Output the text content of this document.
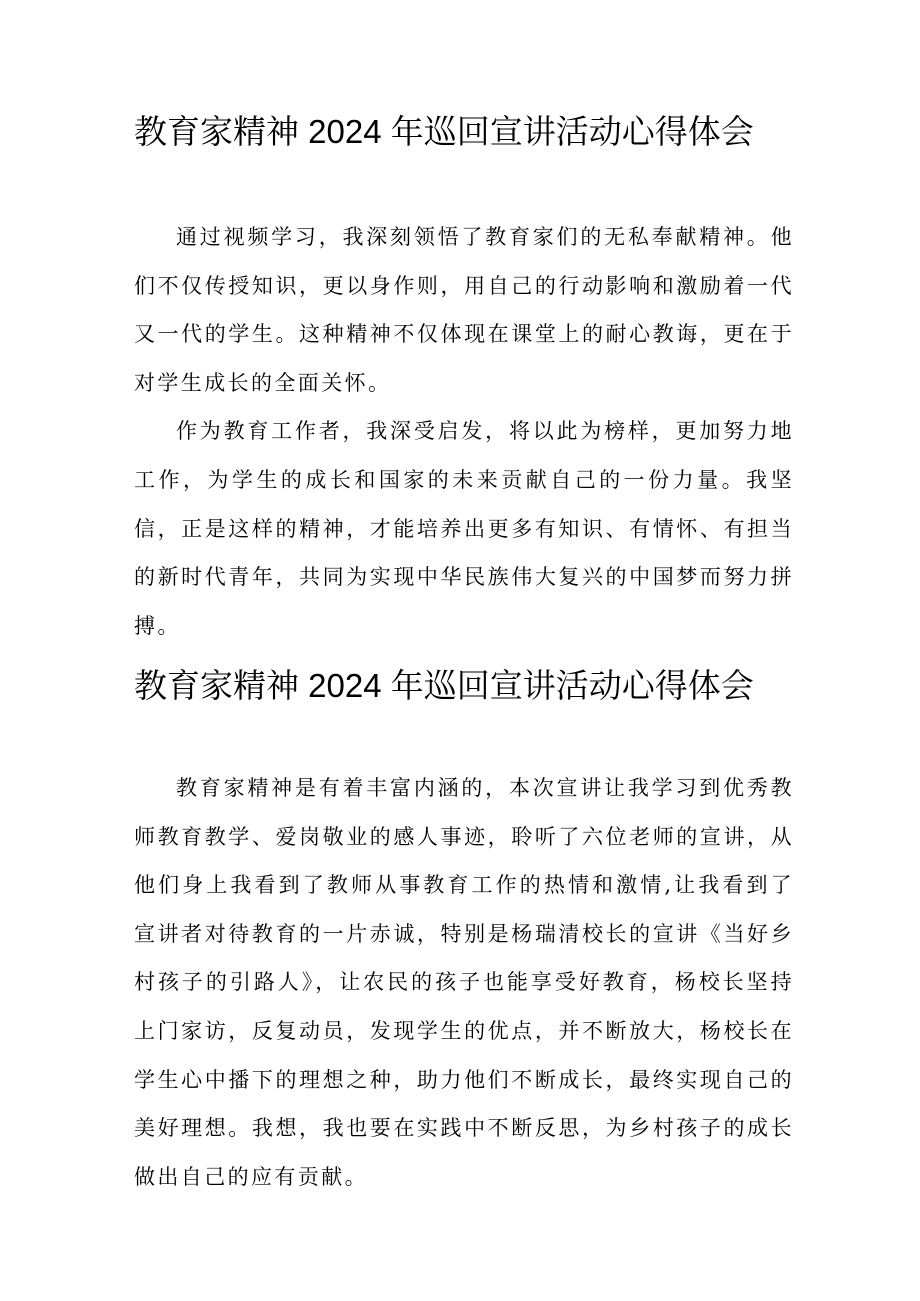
教育家精神 2024 年巡回宣讲活动心得体会

通过视频学习，我深刻领悟了教育家们的无私奉献精神。他们不仅传授知识，更以身作则，用自己的行动影响和激励着一代又一代的学生。这种精神不仅体现在课堂上的耐心教诲，更在于对学生成长的全面关怀。

作为教育工作者，我深受启发，将以此为榜样，更加努力地工作，为学生的成长和国家的未来贡献自己的一份力量。我坚信，正是这样的精神，才能培养出更多有知识、有情怀、有担当的新时代青年，共同为实现中华民族伟大复兴的中国梦而努力拼搏。

教育家精神 2024 年巡回宣讲活动心得体会

教育家精神是有着丰富内涵的，本次宣讲让我学习到优秀教师教育教学、爱岗敬业的感人事迹，聆听了六位老师的宣讲，从他们身上我看到了教师从事教育工作的热情和激情,让我看到了宣讲者对待教育的一片赤诚，特别是杨瑞清校长的宣讲《当好乡村孩子的引路人》，让农民的孩子也能享受好教育，杨校长坚持上门家访，反复动员，发现学生的优点，并不断放大，杨校长在学生心中播下的理想之种，助力他们不断成长，最终实现自己的美好理想。我想，我也要在实践中不断反思，为乡村孩子的成长做出自己的应有贡献。
